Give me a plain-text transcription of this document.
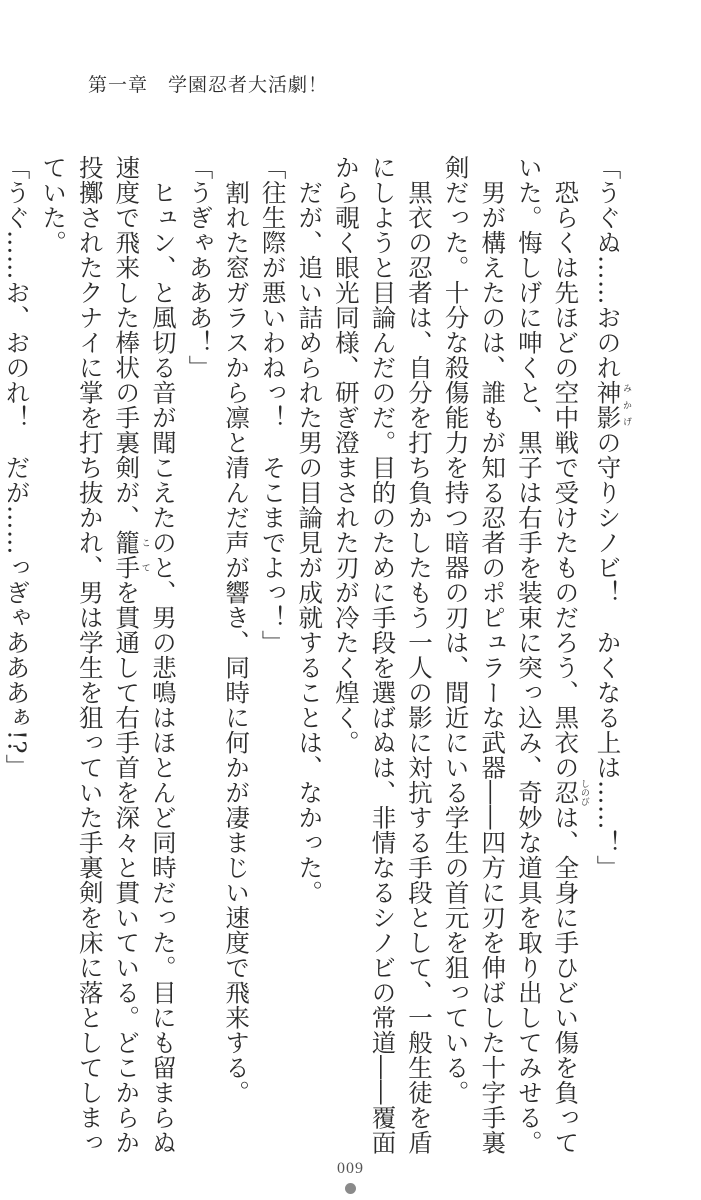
第一章　学園忍者大活劇！

「うぐぬ……おのれ神影みかげの守りシノビ！　かくなる上は……！」

恐らくは先ほどの空中戦で受けたものだろう、黒衣の忍しのびは、全身に手ひどい傷を負っていた。悔しげに呻くと、黒子は右手を装束に突っ込み、奇妙な道具を取り出してみせる。

男が構えたのは、誰もが知る忍者のポピュラーな武器――四方に刃を伸ばした十字手裏剣だった。十分な殺傷能力を持つ暗器の刃は、間近にいる学生の首元を狙っている。

黒衣の忍者は、自分を打ち負かしたもう一人の影に対抗する手段として、一般生徒を盾にしようと目論んだのだ。目的のために手段を選ばぬは、非情なるシノビの常道――覆面から覗く眼光同様、研ぎ澄まされた刃が冷たく煌く。

だが、追い詰められた男の目論見が成就することは、なかった。

「往生際が悪いわねっ！　そこまでよっ！」

割れた窓ガラスから凛と清んだ声が響き、同時に何かが凄まじい速度で飛来する。

「うぎゃあああ！」

ヒュン、と風切る音が聞こえたのと、男の悲鳴はほとんど同時だった。目にも留まらぬ速度で飛来した棒状の手裏剣が、籠手こてを貫通して右手首を深々と貫いている。どこからか投擲されたクナイに掌を打ち抜かれ、男は学生を狙っていた手裏剣を床に落としてしまっていた。

「うぐ……お、おのれ！　だが……っぎゃあああぁ!?」

009
